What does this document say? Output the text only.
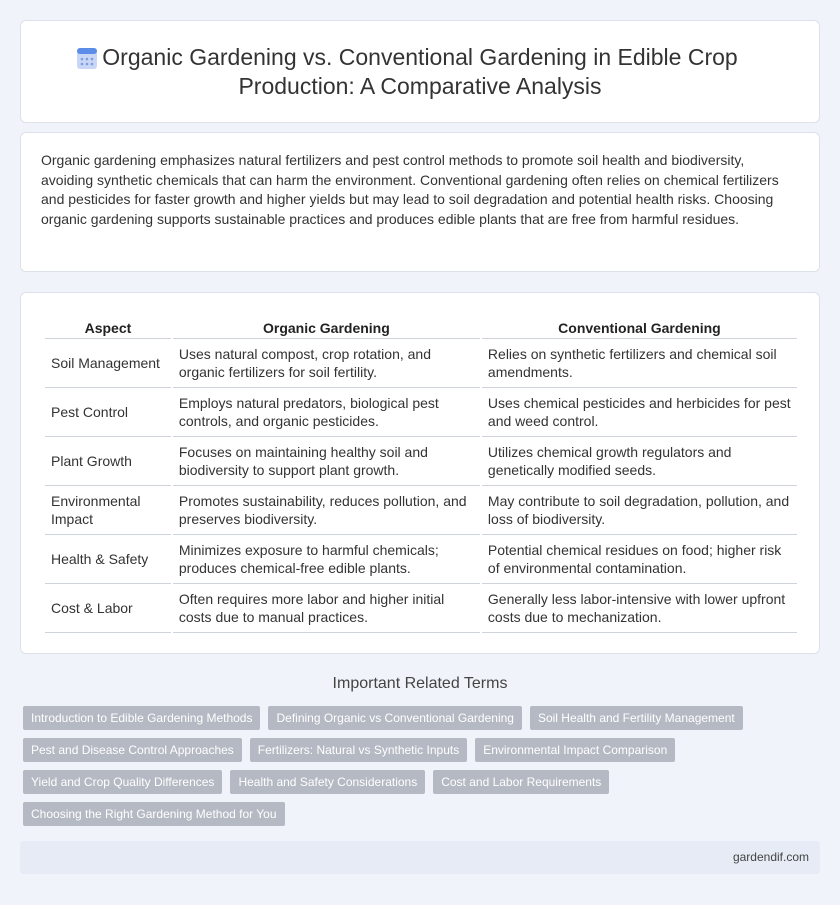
Organic Gardening vs. Conventional Gardening in Edible Crop Production: A Comparative Analysis

Organic gardening emphasizes natural fertilizers and pest control methods to promote soil health and biodiversity, avoiding synthetic chemicals that can harm the environment. Conventional gardening often relies on chemical fertilizers and pesticides for faster growth and higher yields but may lead to soil degradation and potential health risks. Choosing organic gardening supports sustainable practices and produces edible plants that are free from harmful residues.

Aspect	Organic Gardening	Conventional Gardening
Soil Management	Uses natural compost, crop rotation, and organic fertilizers for soil fertility.	Relies on synthetic fertilizers and chemical soil amendments.
Pest Control	Employs natural predators, biological pest controls, and organic pesticides.	Uses chemical pesticides and herbicides for pest and weed control.
Plant Growth	Focuses on maintaining healthy soil and biodiversity to support plant growth.	Utilizes chemical growth regulators and genetically modified seeds.
Environmental Impact	Promotes sustainability, reduces pollution, and preserves biodiversity.	May contribute to soil degradation, pollution, and loss of biodiversity.
Health & Safety	Minimizes exposure to harmful chemicals; produces chemical-free edible plants.	Potential chemical residues on food; higher risk of environmental contamination.
Cost & Labor	Often requires more labor and higher initial costs due to manual practices.	Generally less labor-intensive with lower upfront costs due to mechanization.
Important Related Terms
Introduction to Edible Gardening Methods	Defining Organic vs Conventional Gardening	Soil Health and Fertility Management
Pest and Disease Control Approaches	Fertilizers: Natural vs Synthetic Inputs	Environmental Impact Comparison
Yield and Crop Quality Differences	Health and Safety Considerations	Cost and Labor Requirements
Choosing the Right Gardening Method for You
gardendif.com
